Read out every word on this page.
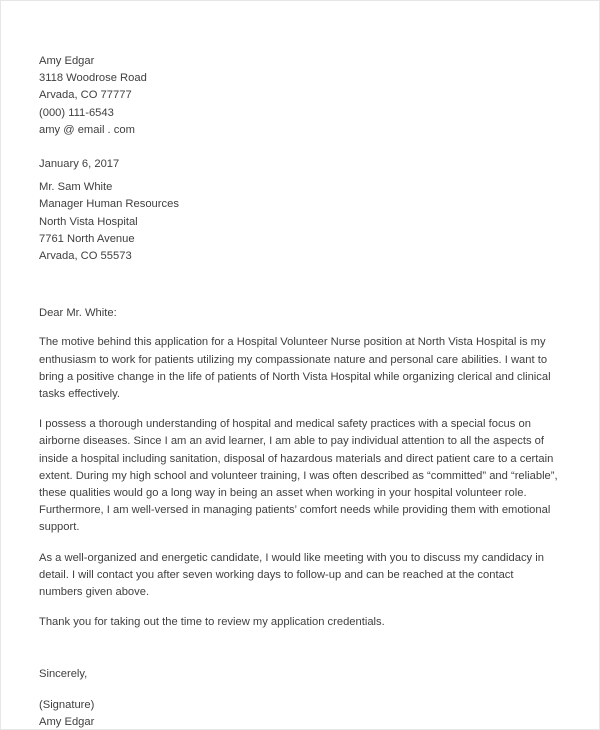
Amy Edgar
3118 Woodrose Road
Arvada, CO 77777
(000) 111-6543
amy @ email . com
January 6, 2017
Mr. Sam White
Manager Human Resources
North Vista Hospital
7761 North Avenue
Arvada, CO 55573
Dear Mr. White:

The motive behind this application for a Hospital Volunteer Nurse position at North Vista Hospital is my enthusiasm to work for patients utilizing my compassionate nature and personal care abilities. I want to bring a positive change in the life of patients of North Vista Hospital while organizing clerical and clinical tasks effectively.

I possess a thorough understanding of hospital and medical safety practices with a special focus on airborne diseases. Since I am an avid learner, I am able to pay individual attention to all the aspects of inside a hospital including sanitation, disposal of hazardous materials and direct patient care to a certain extent. During my high school and volunteer training, I was often described as “committed” and “reliable”, these qualities would go a long way in being an asset when working in your hospital volunteer role. Furthermore, I am well-versed in managing patients’ comfort needs while providing them with emotional support.

As a well-organized and energetic candidate, I would like meeting with you to discuss my candidacy in detail. I will contact you after seven working days to follow-up and can be reached at the contact numbers given above.

Thank you for taking out the time to review my application credentials.

Sincerely,
(Signature)
Amy Edgar
